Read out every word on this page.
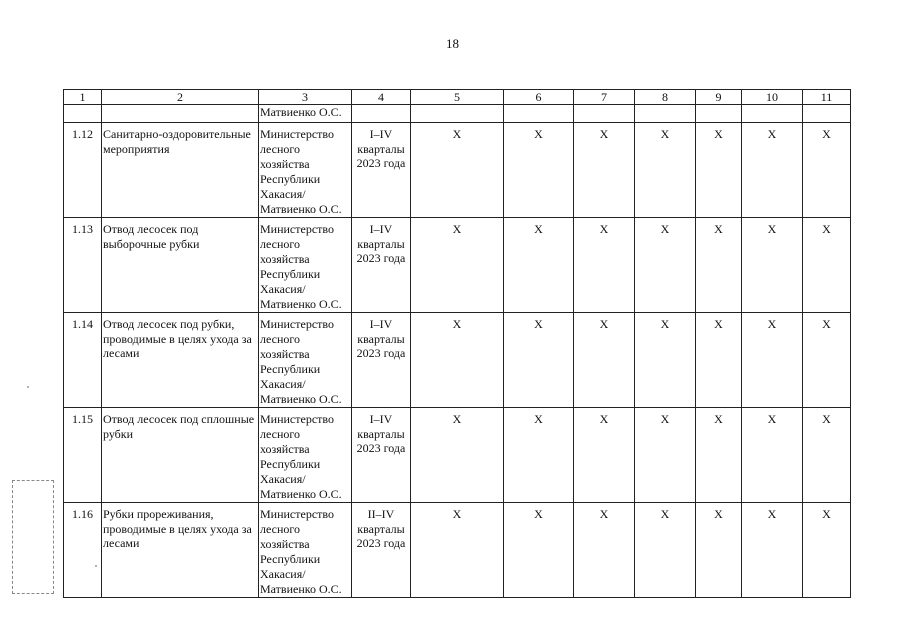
18
1	2	3	4	5	6	7	8	9	10	11
		Матвиенко О.С.								
1.12	Санитарно-оздоровительные мероприятия	Министерство лесного хозяйства Республики Хакасия/ Матвиенко О.С.	I–IV кварталы 2023 года	X	X	X	X	X	X	X
1.13	Отвод лесосек под выборочные рубки	Министерство лесного хозяйства Республики Хакасия/ Матвиенко О.С.	I–IV кварталы 2023 года	X	X	X	X	X	X	X
1.14	Отвод лесосек под рубки, проводимые в целях ухода за лесами	Министерство лесного хозяйства Республики Хакасия/ Матвиенко О.С.	I–IV кварталы 2023 года	X	X	X	X	X	X	X
1.15	Отвод лесосек под сплошные рубки	Министерство лесного хозяйства Республики Хакасия/ Матвиенко О.С.	I–IV кварталы 2023 года	X	X	X	X	X	X	X
1.16	Рубки прореживания, проводимые в целях ухода за лесами	Министерство лесного хозяйства Республики Хакасия/ Матвиенко О.С.	II–IV кварталы 2023 года	X	X	X	X	X	X	X
